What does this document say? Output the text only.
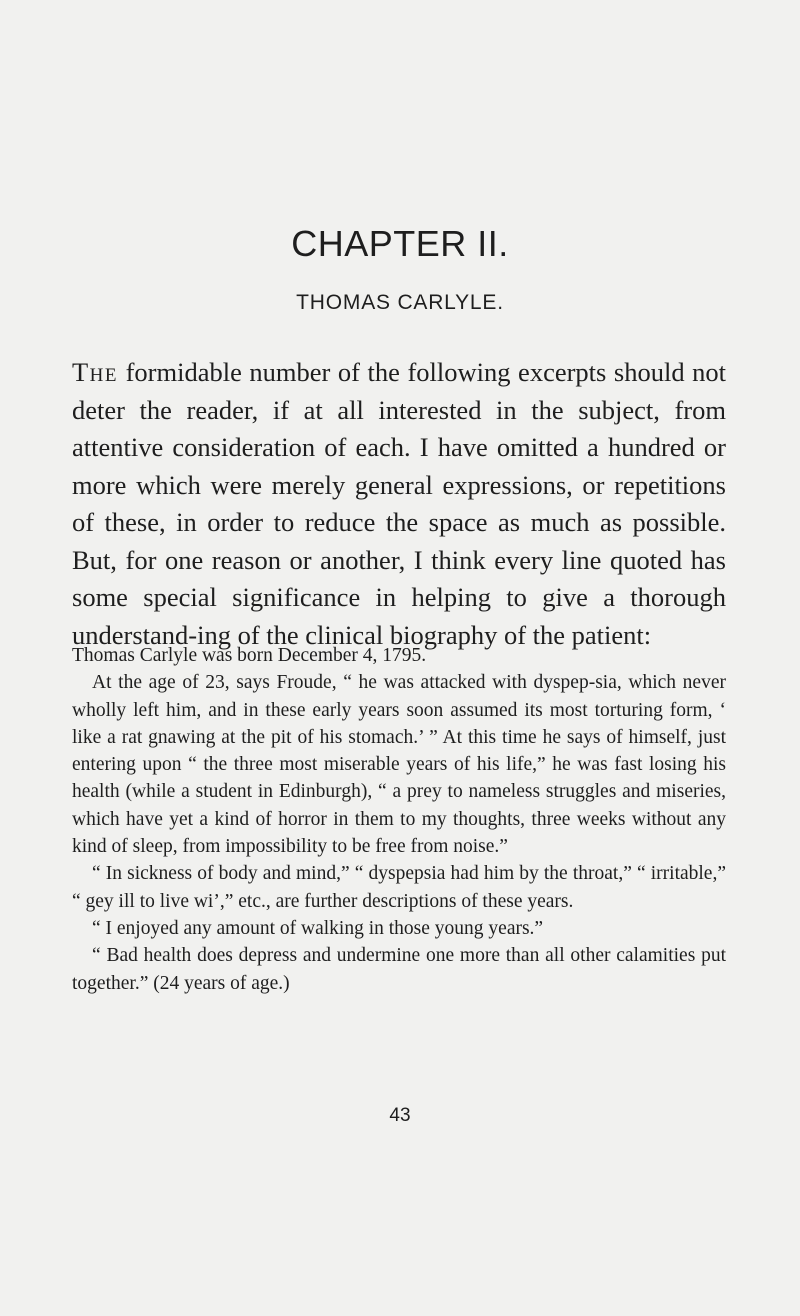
CHAPTER II.
THOMAS CARLYLE.

The formidable number of the following excerpts should not deter the reader, if at all interested in the subject, from attentive consideration of each. I have omitted a hundred or more which were merely general expressions, or repetitions of these, in order to reduce the space as much as possible. But, for one reason or another, I think every line quoted has some special significance in helping to give a thorough understand-ing of the clinical biography of the patient:

Thomas Carlyle was born December 4, 1795.

At the age of 23, says Froude, “ he was attacked with dyspep-sia, which never wholly left him, and in these early years soon assumed its most torturing form, ‘ like a rat gnawing at the pit of his stomach.’ ” At this time he says of himself, just entering upon “ the three most miserable years of his life,” he was fast losing his health (while a student in Edinburgh), “ a prey to nameless struggles and miseries, which have yet a kind of horror in them to my thoughts, three weeks without any kind of sleep, from impossibility to be free from noise.”

“ In sickness of body and mind,” “ dyspepsia had him by the throat,” “ irritable,” “ gey ill to live wi’,” etc., are further descriptions of these years.

“ I enjoyed any amount of walking in those young years.”

“ Bad health does depress and undermine one more than all other calamities put together.” (24 years of age.)

43
